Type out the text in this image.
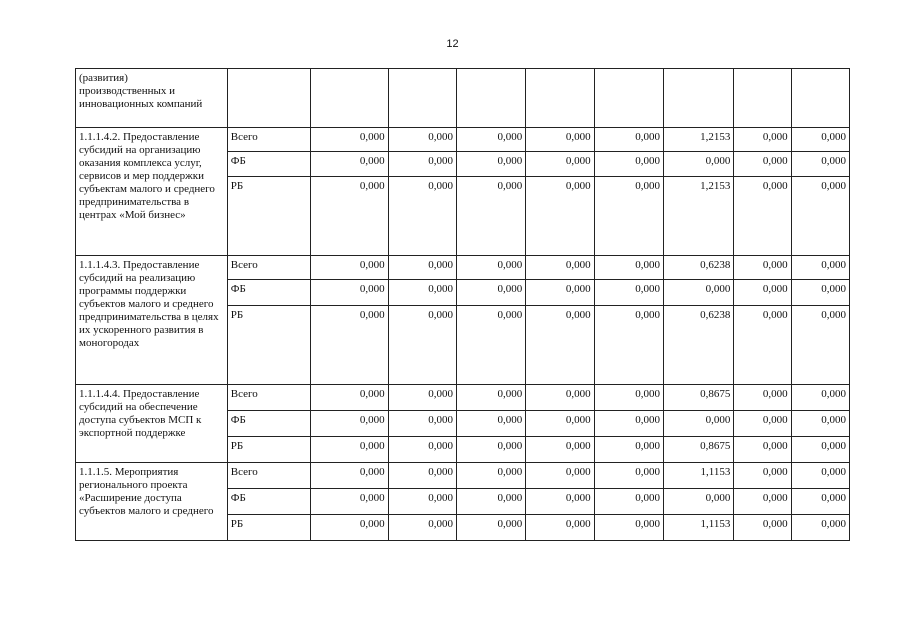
12
(развития)
производственных и
инновационных компаний									
1.1.1.4.2. Предоставление субсидий на организацию оказания комплекса услуг, сервисов и мер поддержки субъектам малого и среднего предпринимательства в центрах «Мой бизнес»	Всего	0,000	0,000	0,000	0,000	0,000	1,2153	0,000	0,000
	ФБ	0,000	0,000	0,000	0,000	0,000	0,000	0,000	0,000
	РБ	0,000	0,000	0,000	0,000	0,000	1,2153	0,000	0,000
1.1.1.4.3. Предоставление субсидий на реализацию программы поддержки субъектов малого и среднего предпринимательства в целях их ускоренного развития в моногородах	Всего	0,000	0,000	0,000	0,000	0,000	0,6238	0,000	0,000
	ФБ	0,000	0,000	0,000	0,000	0,000	0,000	0,000	0,000
	РБ	0,000	0,000	0,000	0,000	0,000	0,6238	0,000	0,000
1.1.1.4.4. Предоставление субсидий на обеспечение доступа субъектов МСП к экспортной поддержке	Всего	0,000	0,000	0,000	0,000	0,000	0,8675	0,000	0,000
	ФБ	0,000	0,000	0,000	0,000	0,000	0,000	0,000	0,000
	РБ	0,000	0,000	0,000	0,000	0,000	0,8675	0,000	0,000
1.1.1.5. Мероприятия регионального проекта «Расширение доступа субъектов малого и среднего	Всего	0,000	0,000	0,000	0,000	0,000	1,1153	0,000	0,000
	ФБ	0,000	0,000	0,000	0,000	0,000	0,000	0,000	0,000
	РБ	0,000	0,000	0,000	0,000	0,000	1,1153	0,000	0,000
